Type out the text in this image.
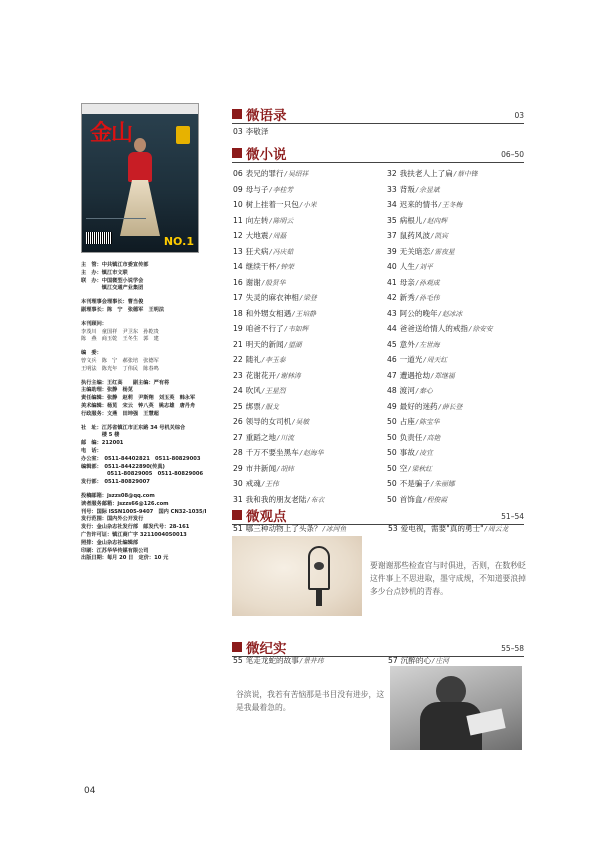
金山
NO.1
主　管：中共镇江市委宣传部
主　办：镇江市文联
联　办：中国微型小说学会
　　　　镇江交通产业集团
本刊理事会理事长：曹当俊
副理事长：陈　宁　张德军　王明法
本刊顾问：
李茂川　童国祥　尹卫东　孙乾贵
陈　燕　商玉乾　王冬生　郭　建
编　委：
曾文兵　陈　宁　郝张培　张德军
王明法　陈光年　丁伟民　陈春鸣
执行主编：王红高　　副主编：严有将
主编助理：张静　杨苋
责任编辑：张静　赵莉　尹斯翔　刘玉英　韩永军
美术编辑：杨苋　宋云　钟八英　姚志雄　唐丹舟
行政服务：文燕　田坤强　王慧超
社　址：江苏省镇江市正东路 34 号机关综合
　　　　楼 5 楼
邮　编：212001
电　话：
办公室：　0511-84402821　0511-80829003
编辑部：　0511-84422890(传真)
　　　　　0511-80829005　0511-80829006
发行部：　0511-80829007
投稿邮箱：jszzs08@qq.com
读者服务邮箱：jszzs66@126.com
刊号：国际 ISSN1005-9407　国内 CN32-1035/I
发行范围：国内外公开发行
发行：金山杂志社发行部　邮发代号：28-161
广告许可证：镇江商广字 3211004050013
照排：金山杂志社编辑部
印刷：江苏华华传媒有限公司
出版日期：每月 20 日　定价：10 元
微语录	03
03 李敬泽
微小说	06–50
06 表兄的罪行/吴绍祥
09 母与子/李桂芳
10 树上挂着一只包/小米
11 向左转/陈明云
12 大地震/周磊
13 狂犬病/冯庆茹
14 继续干杯/钟荣
16 谢谢/殷贤华
17 失灵的麻衣神相/梁登
18 和外甥女相遇/王培静
19 咱爸不行了/韦如辉
21 明天的新闻/望湖
22 随礼/李玉泰
23 花谢花开/谢林涛
24 吹风/王星烈
25 绑票/服戈
26 领导的女司机/吴敏
27 重蹈之地/川流
28 千万不要坐黑车/赵海华
29 市井新闻/胡炜
30 戒魂/王伟
31 我和我的朋友老陆/布衣
32 我扶老人上了扁/蔡中锋
33 背叛/余显斌
34 迟来的情书/王冬梅
35 病根儿/赵向辉
37 鼠药风波/凯宾
39 无关暗恋/雷夜星
40 人生/刘平
41 母亲/孙观成
42 新秀/孙毛伟
43 阿公的晚年/赵冰冰
44 爸爸送给情人的戒指/徐安安
45 意外/左世海
46 一道光/周天红
47 遭遇抢劫/郑继福
48 渡河/秦心
49 最好的迷药/薛长登
50 占座/陈宝华
50 负责任/高艳
50 事故/凌宜
50 空/梁秋红
50 不是骗子/朱丽娜
50 首饰盒/程俊霞
微观点	51–54
51 哪三种动物上了头条？/冰河鱼	53 爱电视，需要"真的勇士"/周云龙
要谢谢那些检查官与时俱进，否则，在数秒眨这件事上不思进取，墨守成规，不知道要浪掉多少台点钞机的青春。
微纪实	55–58
55 笔走龙蛇的故事/景井玮	57 沉醉的心/庄河
谷滨说，我若有苦恼那是书目没有进步，这是我最着急的。
04
